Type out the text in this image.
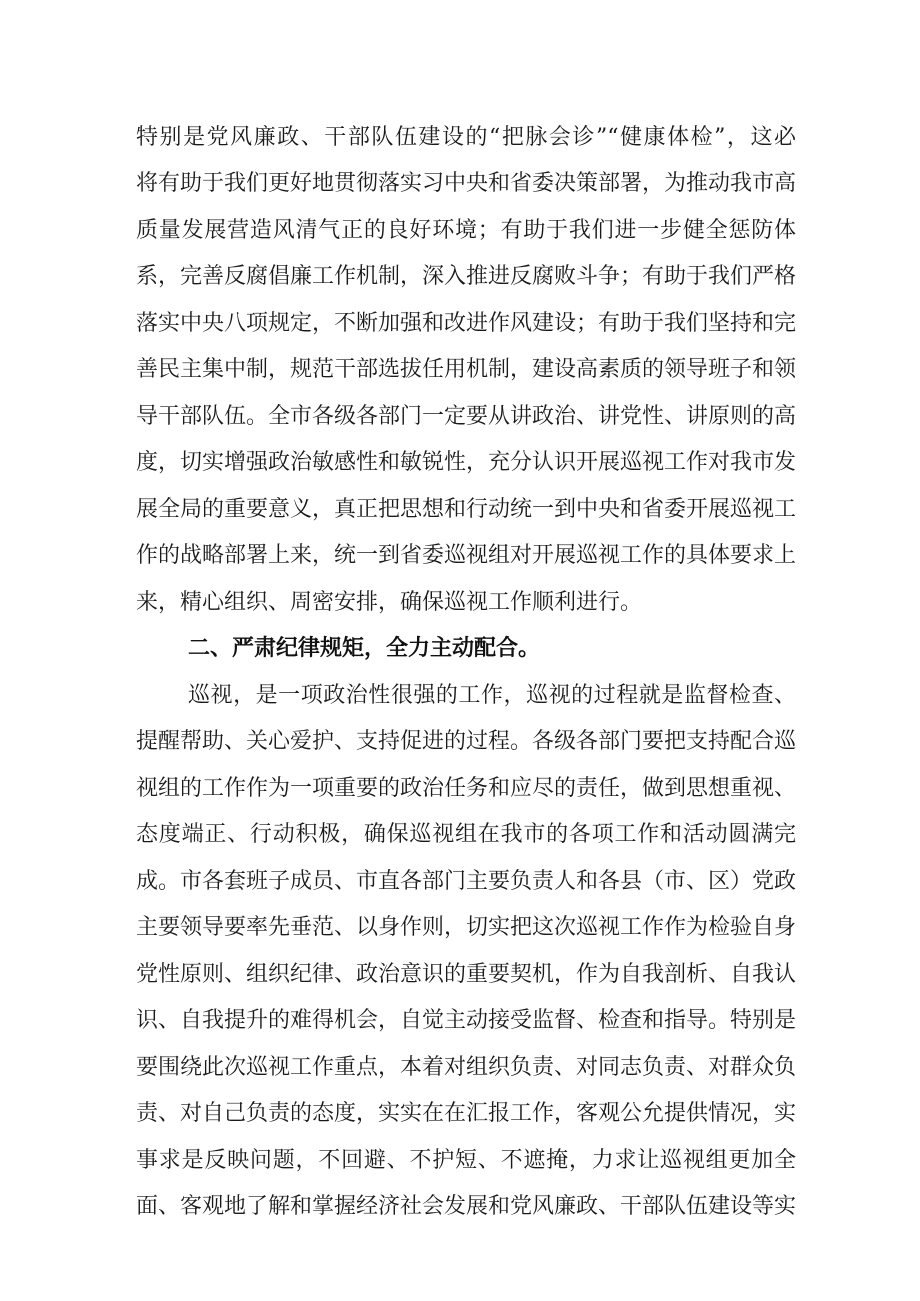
特别是党风廉政、干部队伍建设的“把脉会诊”“健康体检”，这必
将有助于我们更好地贯彻落实习中央和省委决策部署，为推动我市高
质量发展营造风清气正的良好环境；有助于我们进一步健全惩防体
系，完善反腐倡廉工作机制，深入推进反腐败斗争；有助于我们严格
落实中央八项规定，不断加强和改进作风建设；有助于我们坚持和完
善民主集中制，规范干部选拔任用机制，建设高素质的领导班子和领
导干部队伍。全市各级各部门一定要从讲政治、讲党性、讲原则的高
度，切实增强政治敏感性和敏锐性，充分认识开展巡视工作对我市发
展全局的重要意义，真正把思想和行动统一到中央和省委开展巡视工
作的战略部署上来，统一到省委巡视组对开展巡视工作的具体要求上
来，精心组织、周密安排，确保巡视工作顺利进行。
二、严肃纪律规矩，全力主动配合。
巡视，是一项政治性很强的工作，巡视的过程就是监督检查、
提醒帮助、关心爱护、支持促进的过程。各级各部门要把支持配合巡
视组的工作作为一项重要的政治任务和应尽的责任，做到思想重视、
态度端正、行动积极，确保巡视组在我市的各项工作和活动圆满完
成。市各套班子成员、市直各部门主要负责人和各县（市、区）党政
主要领导要率先垂范、以身作则，切实把这次巡视工作作为检验自身
党性原则、组织纪律、政治意识的重要契机，作为自我剖析、自我认
识、自我提升的难得机会，自觉主动接受监督、检查和指导。特别是
要围绕此次巡视工作重点，本着对组织负责、对同志负责、对群众负
责、对自己负责的态度，实实在在汇报工作，客观公允提供情况，实
事求是反映问题，不回避、不护短、不遮掩，力求让巡视组更加全
面、客观地了解和掌握经济社会发展和党风廉政、干部队伍建设等实
